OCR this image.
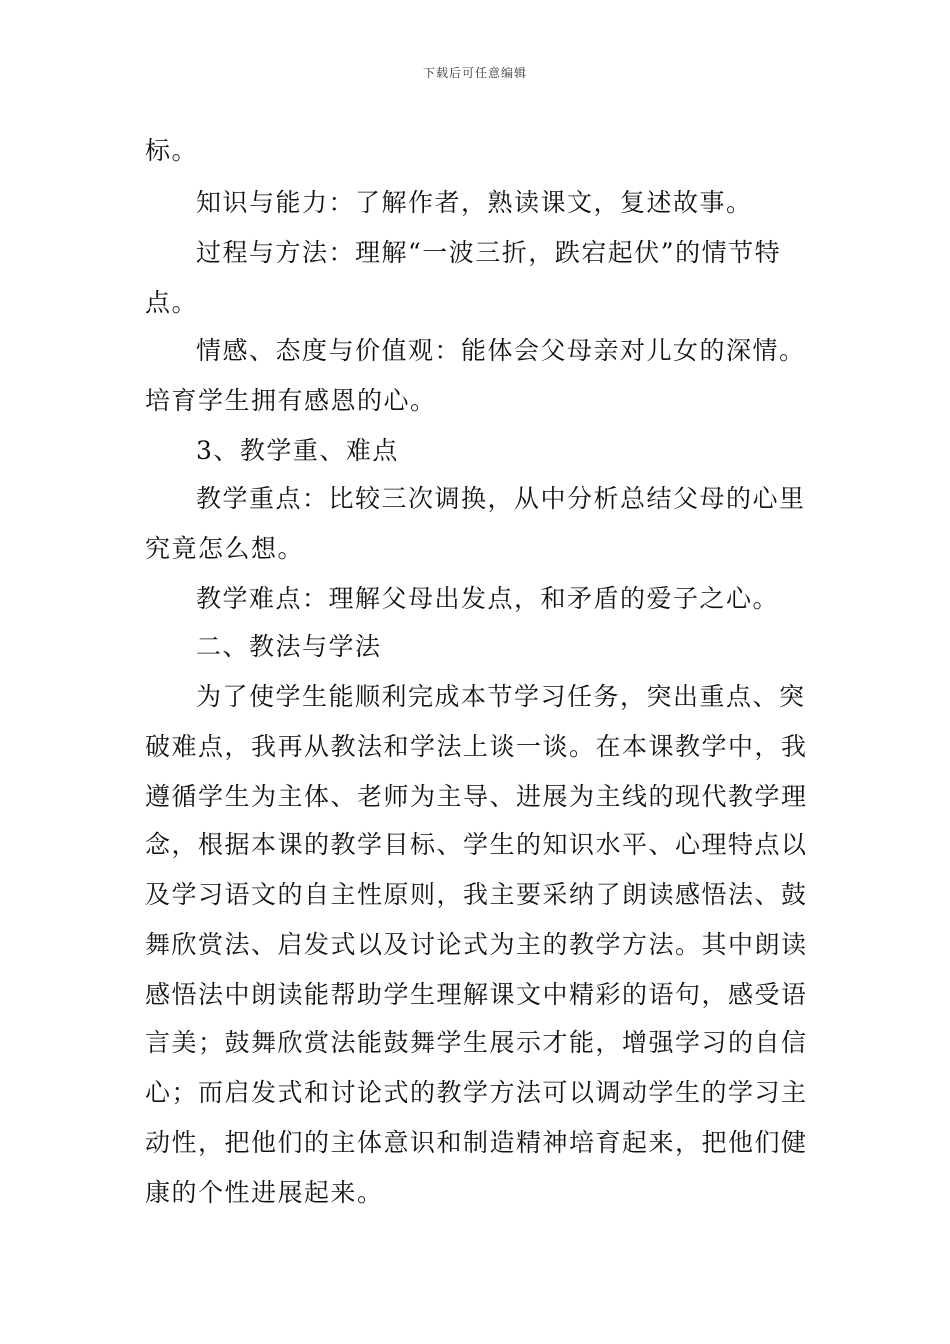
下载后可任意编辑
标。
知识与能力：了解作者，熟读课文，复述故事。
过程与方法：理解“一波三折，跌宕起伏”的情节特
点。
情感、态度与价值观：能体会父母亲对儿女的深情。
培育学生拥有感恩的心。
3、教学重、难点
教学重点：比较三次调换，从中分析总结父母的心里
究竟怎么想。
教学难点：理解父母出发点，和矛盾的爱子之心。
二、教法与学法
为了使学生能顺利完成本节学习任务，突出重点、突
破难点，我再从教法和学法上谈一谈。在本课教学中，我
遵循学生为主体、老师为主导、进展为主线的现代教学理
念，根据本课的教学目标、学生的知识水平、心理特点以
及学习语文的自主性原则，我主要采纳了朗读感悟法、鼓
舞欣赏法、启发式以及讨论式为主的教学方法。其中朗读
感悟法中朗读能帮助学生理解课文中精彩的语句，感受语
言美；鼓舞欣赏法能鼓舞学生展示才能，增强学习的自信
心；而启发式和讨论式的教学方法可以调动学生的学习主
动性，把他们的主体意识和制造精神培育起来，把他们健
康的个性进展起来。
